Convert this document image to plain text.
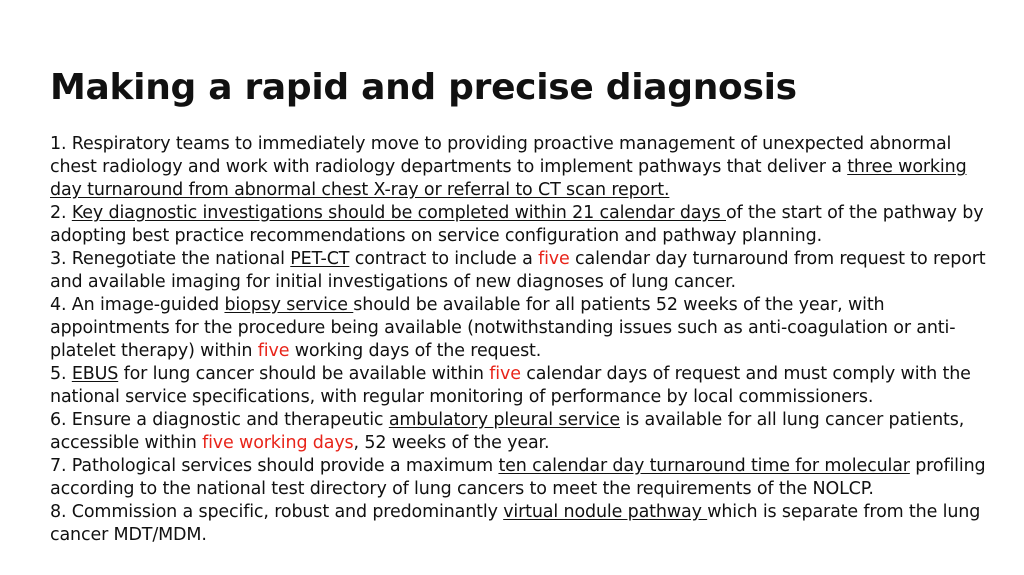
Making a rapid and precise diagnosis

1. Respiratory teams to immediately move to providing proactive management of unexpected abnormal chest radiology and work with radiology departments to implement pathways that deliver a three working day turnaround from abnormal chest X-ray or referral to CT scan report.

2. Key diagnostic investigations should be completed within 21 calendar days of the start of the pathway by adopting best practice recommendations on service configuration and pathway planning.

3. Renegotiate the national PET-CT contract to include a five calendar day turnaround from request to report and available imaging for initial investigations of new diagnoses of lung cancer.

4. An image-guided biopsy service should be available for all patients 52 weeks of the year, with appointments for the procedure being available (notwithstanding issues such as anti-coagulation or anti-platelet therapy) within five working days of the request.

5. EBUS for lung cancer should be available within five calendar days of request and must comply with the national service specifications, with regular monitoring of performance by local commissioners.

6. Ensure a diagnostic and therapeutic ambulatory pleural service is available for all lung cancer patients, accessible within five working days, 52 weeks of the year.

7. Pathological services should provide a maximum ten calendar day turnaround time for molecular profiling according to the national test directory of lung cancers to meet the requirements of the NOLCP.

8. Commission a specific, robust and predominantly virtual nodule pathway which is separate from the lung cancer MDT/MDM.
